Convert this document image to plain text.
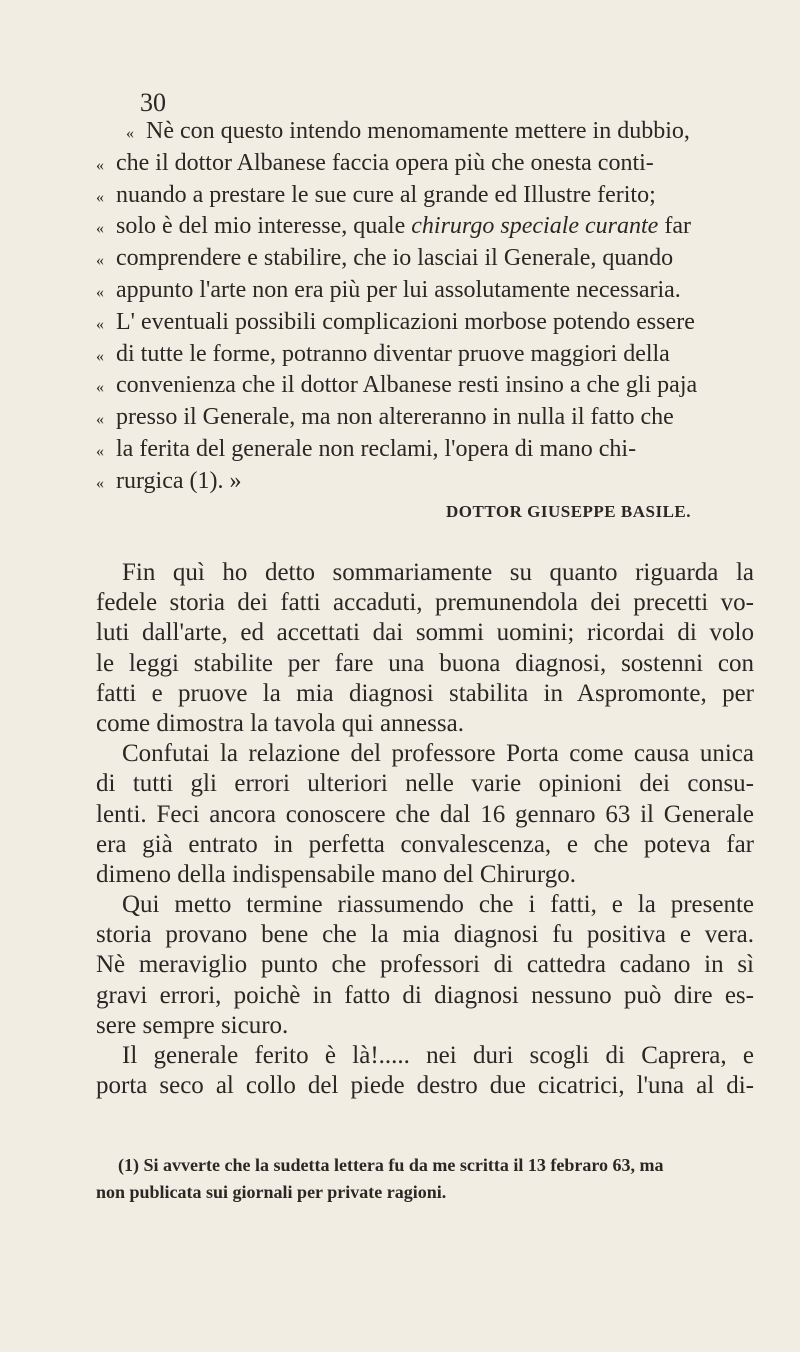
30
« Nè con questo intendo menomamente mettere in dubbio,
« che il dottor Albanese faccia opera più che onesta conti-
« nuando a prestare le sue cure al grande ed Illustre ferito;
« solo è del mio interesse, quale chirurgo speciale curante far
« comprendere e stabilire, che io lasciai il Generale, quando
« appunto l'arte non era più per lui assolutamente necessaria.
« L' eventuali possibili complicazioni morbose potendo essere
« di tutte le forme, potranno diventar pruove maggiori della
« convenienza che il dottor Albanese resti insino a che gli paja
« presso il Generale, ma non altereranno in nulla il fatto che
« la ferita del generale non reclami, l'opera di mano chi-
« rurgica (1). »
DOTTOR GIUSEPPE BASILE.
Fin quì ho detto sommariamente su quanto riguarda la
fedele storia dei fatti accaduti, premunendola dei precetti vo-
luti dall'arte, ed accettati dai sommi uomini; ricordai di volo
le leggi stabilite per fare una buona diagnosi, sostenni con
fatti e pruove la mia diagnosi stabilita in Aspromonte, per
come dimostra la tavola qui annessa.
Confutai la relazione del professore Porta come causa unica
di tutti gli errori ulteriori nelle varie opinioni dei consu-
lenti. Feci ancora conoscere che dal 16 gennaro 63 il Generale
era già entrato in perfetta convalescenza, e che poteva far
dimeno della indispensabile mano del Chirurgo.
Qui metto termine riassumendo che i fatti, e la presente
storia provano bene che la mia diagnosi fu positiva e vera.
Nè meraviglio punto che professori di cattedra cadano in sì
gravi errori, poichè in fatto di diagnosi nessuno può dire es-
sere sempre sicuro.
Il generale ferito è là!..... nei duri scogli di Caprera, e
porta seco al collo del piede destro due cicatrici, l'una al di-
(1) Si avverte che la sudetta lettera fu da me scritta il 13 febraro 63, ma
non publicata sui giornali per private ragioni.
